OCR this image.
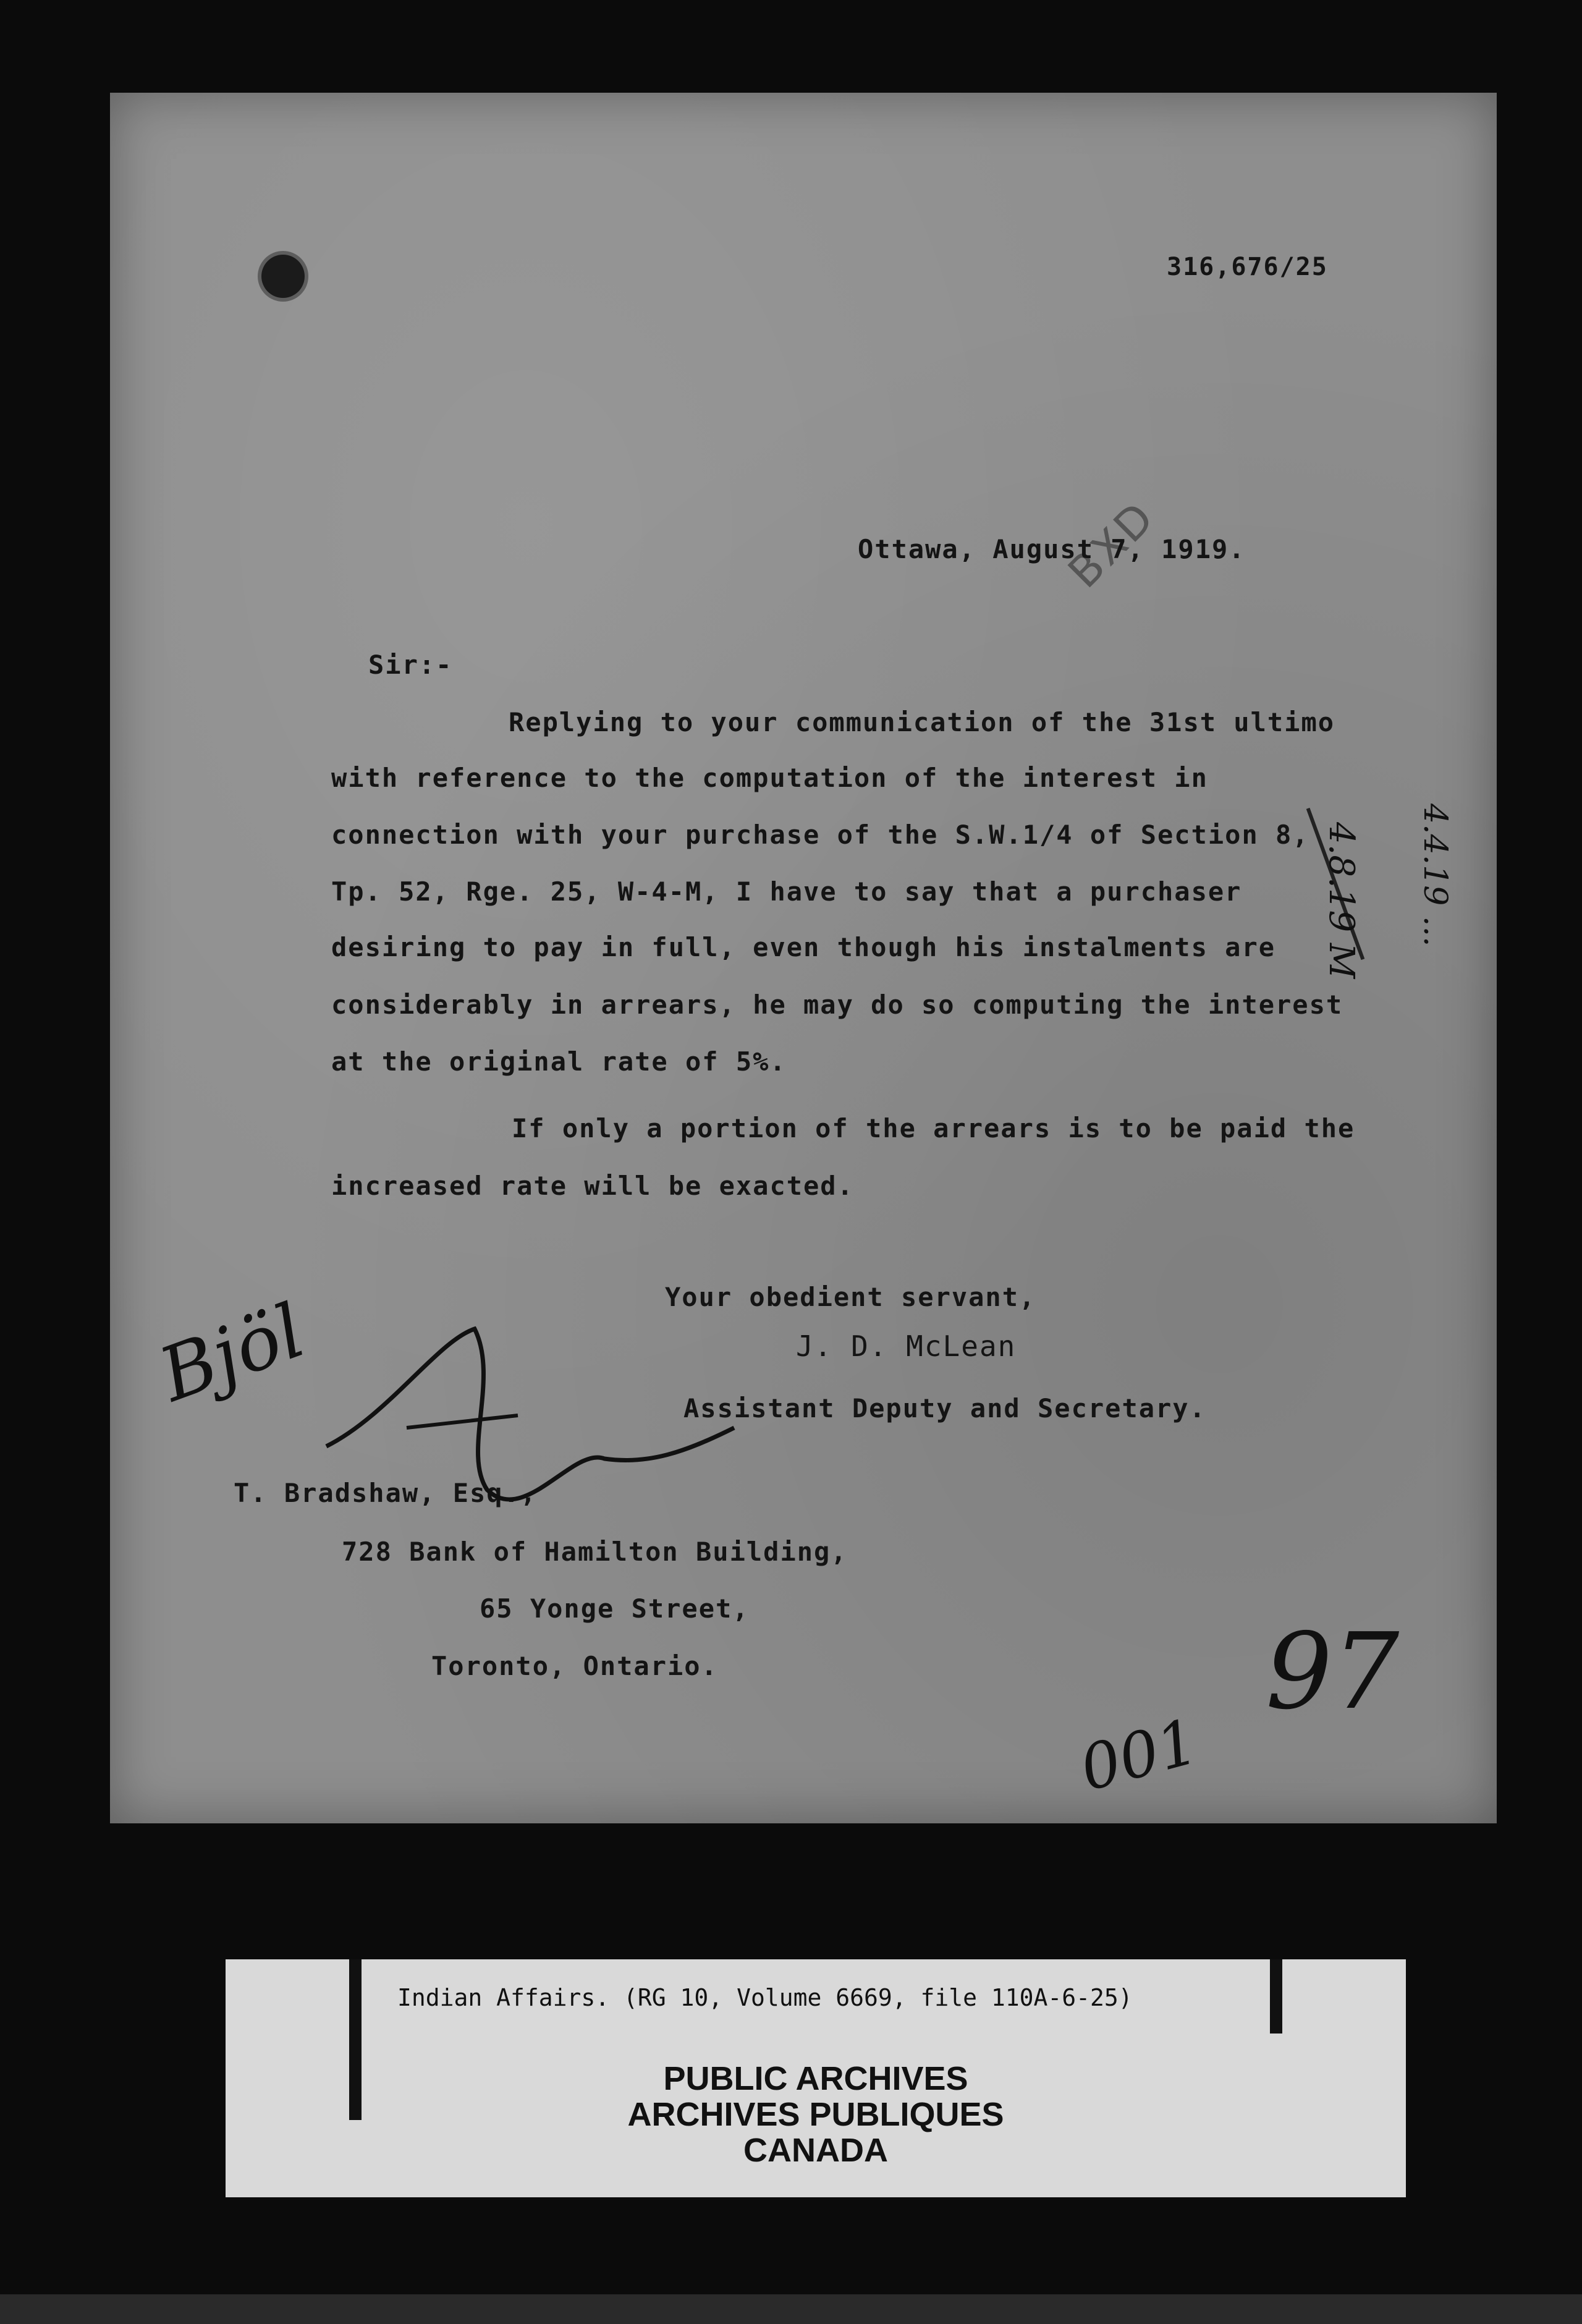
316,676/25
BXD
Ottawa, August 7, 1919.
Sir:-
Replying to your communication of the 31st ultimo
with reference to the computation of the interest in
connection with your purchase of the S.W.1/4 of Section 8,
Tp. 52, Rge. 25, W-4-M, I have to say that a purchaser
desiring to pay in full, even though his instalments are
considerably in arrears, he may do so computing the interest
at the original rate of 5%.
If only a portion of the arrears is to be paid the
increased rate will be exacted.
Your obedient servant,
J. D. McLean
Assistant Deputy and Secretary.
T. Bradshaw, Esq.,
728 Bank of Hamilton Building,
65 Yonge Street,
Toronto, Ontario.
4.8.19 M 4.4.19 ...
Bjöl
97
001
Indian Affairs. (RG 10, Volume 6669, file 110A-6-25)
PUBLIC ARCHIVES
ARCHIVES PUBLIQUES
CANADA
